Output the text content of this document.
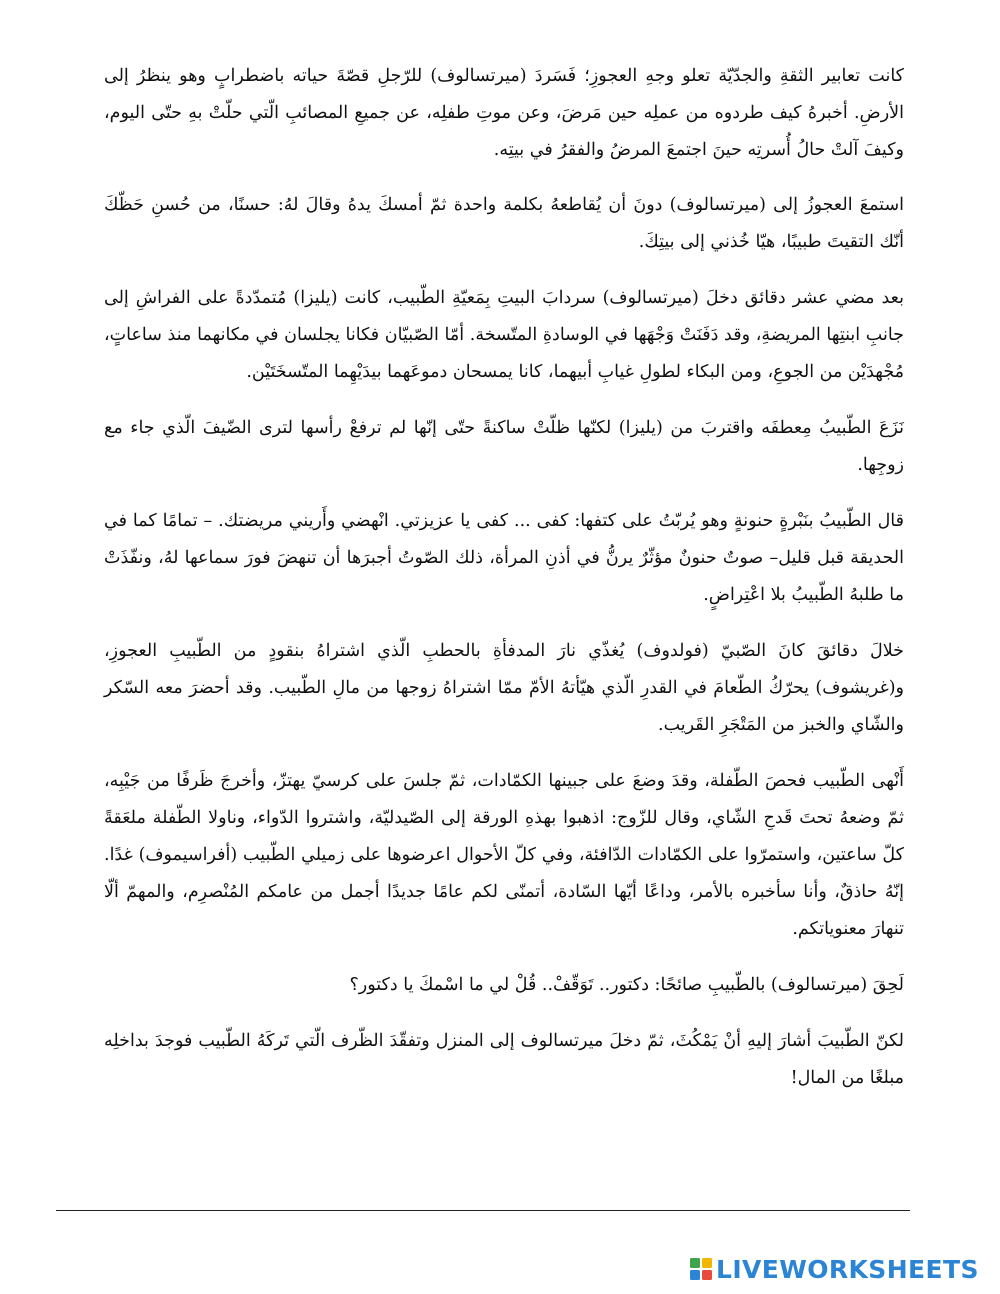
كانت تعابير الثقةِ والجدّيّة تعلو وجهِ العجوزِ؛ فَسَردَ (ميرتسالوف) للرّجلِ قصّةَ حياته باضطرابٍ وهو ينظرُ إلى الأرضِ. أخبرهُ كيف طردوه من عملِه حين مَرضَ، وعن موتِ طفلِه، عن جميعِ المصائبِ الّتي حلّتْ بهِ حتّى اليوم، وكيفَ آلتْ حالُ أُسرتِه حينَ اجتمعَ المرضُ والفقرُ في بيتِه.

استمعَ العجوزُ إلى (ميرتسالوف) دونَ أن يُقاطعهُ بكلمة واحدة ثمّ أمسكَ يدهُ وقالَ لهُ: حسنًا، من حُسنِ حَظّكَ أنّك التقيتَ طبيبًا، هيّا خُذني إلى بيتِكَ.

بعد مضي عشر دقائق دخلَ (ميرتسالوف) سردابَ البيتِ بِمَعيّةِ الطّبيب، كانت (يليزا) مُتمدّدةً على الفراشِ إلى جانبِ ابنتِها المريضةِ، وقد دَفَنَتْ وَجْهَها في الوسادةِ المتّسخة. أمّا الصّبيّان فكانا يجلسان في مكانهما منذ ساعاتٍ، مُجْهدَيْن من الجوعِ، ومن البكاء لطولِ غيابِ أبيهما، كانا يمسحان دموعَهما بيدَيْهِما المتّسخَتَيْن.

نَزَعَ الطّبيبُ مِعطفَه واقتربَ من (يليزا) لكنّها ظلّتْ ساكنةً حتّى إنّها لم ترفعْ رأسها لترى الضّيفَ الّذي جاء مع زوجِها.

قال الطّبيبُ بنَبْرةٍ حنونةٍ وهو يُربّتُ على كتفها: كفى ... كفى يا عزيزتي. انْهضي وأَريني مريضتك. – تمامًا كما في الحديقة قبل قليل– صوتٌ حنونٌ مؤثّرٌ يرنُّ في أذنِ المرأة، ذلك الصّوتُ أجبرَها أن تنهضَ فورَ سماعها لهُ، ونفّذَتْ ما طلبهُ الطّبيبُ بلا اعْتِراضٍ.

خلالَ دقائقَ كانَ الصّبيّ (فولدوف) يُغذّي نارَ المدفأةِ بالحطبِ الّذي اشتراهُ بنقودٍ من الطّبيبِ العجوزِ، و(غريشوف) يحرّكُ الطّعامَ في القدرِ الّذي هيّأتهُ الأمّ ممّا اشتراهُ زوجها من مالِ الطّبيب. وقد أحضرَ معه السّكر والشّاي والخبز من المَتْجَرِ القَريب.

أَنْهى الطّبيب فحصَ الطّفلة، وقدَ وضعَ على جبينها الكمّادات، ثمّ جلسَ على كرسيّ يهتزّ، وأخرجَ ظَرفًا من جَيْبِه، ثمّ وضعهُ تحتَ قَدحِ الشّاي، وقال للزّوج: اذهبوا بهذهِ الورقة إلى الصّيدليّة، واشتروا الدّواء، وناولا الطّفلة ملعَقةً كلّ ساعتين، واستمرّوا على الكمّادات الدّافئة، وفي كلّ الأحوال اعرضوها على زميلي الطّبيب (أفراسيموف) غدًا. إنّهُ حاذقٌ، وأنا سأخبره بالأمر، وداعًا أيّها السّادة، أتمنّى لكم عامًا جديدًا أجمل من عامكم المُنْصرِم، والمهمّ ألّا تنهارَ معنوياتكم.

لَحِقَ (ميرتسالوف) بالطّبيبِ صائحًا: دكتور.. تَوَقّفْ.. قُلْ لي ما اسْمكَ يا دكتور؟

لكنّ الطّبيبَ أشارَ إليهِ أنْ يَمْكُثَ، ثمّ دخلَ ميرتسالوف إلى المنزل وتفقّدَ الظّرف الّتي تَركَهُ الطّبيب فوجدَ بداخلِه مبلغًا من المال!

LIVEWORKSHEETS
